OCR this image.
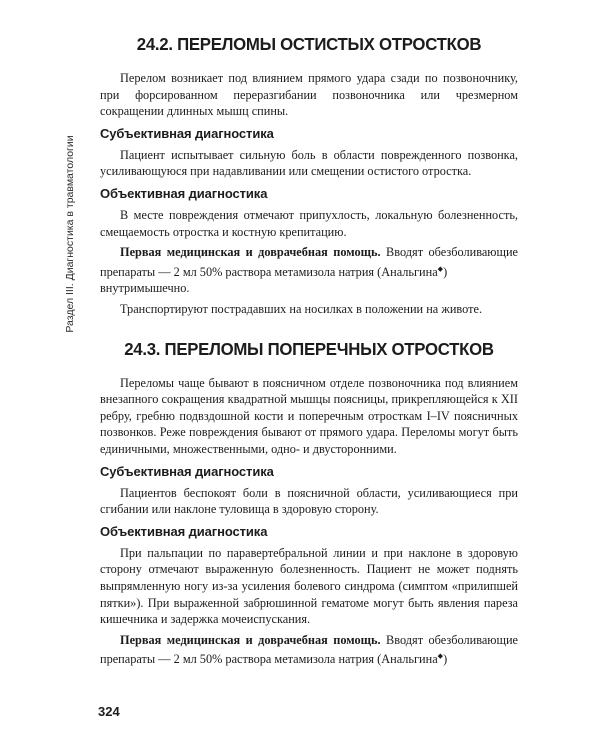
Раздел III. Диагностика в травматологии
24.2. ПЕРЕЛОМЫ ОСТИСТЫХ ОТРОСТКОВ

Перелом возникает под влиянием прямого удара сзади по позвоночнику, при форсированном переразгибании позвоночника или чрезмерном сокращении длинных мышц спины.

Субъективная диагностика

Пациент испытывает сильную боль в области поврежденного позвонка, усиливающуюся при надавливании или смещении остистого отростка.

Объективная диагностика

В месте повреждения отмечают припухлость, локальную болезненность, смещаемость отростка и костную крепитацию.

Первая медицинская и доврачебная помощь. Вводят обезболивающие препараты — 2 мл 50% раствора метамизола натрия (Анальгина◆)

внутримышечно.

Транспортируют пострадавших на носилках в положении на животе.

24.3. ПЕРЕЛОМЫ ПОПЕРЕЧНЫХ ОТРОСТКОВ

Переломы чаще бывают в поясничном отделе позвоночника под влиянием внезапного сокращения квадратной мышцы поясницы, прикрепляющейся к XII ребру, гребню подвздошной кости и поперечным отросткам I–IV поясничных позвонков. Реже повреждения бывают от прямого удара. Переломы могут быть единичными, множественными, одно- и двусторонними.

Субъективная диагностика

Пациентов беспокоят боли в поясничной области, усиливающиеся при сгибании или наклоне туловища в здоровую сторону.

Объективная диагностика

При пальпации по паравертебральной линии и при наклоне в здоровую сторону отмечают выраженную болезненность. Пациент не может поднять выпрямленную ногу из-за усиления болевого синдрома (симптом «прилипшей пятки»). При выраженной забрюшинной гематоме могут быть явления пареза кишечника и задержка мочеиспускания.

Первая медицинская и доврачебная помощь. Вводят обезболивающие препараты — 2 мл 50% раствора метамизола натрия (Анальгина◆)

324
